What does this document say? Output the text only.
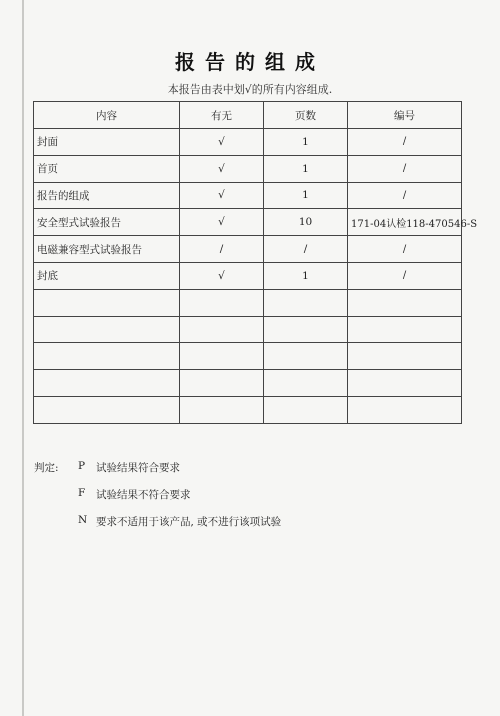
报告的组成
本报告由表中划√的所有内容组成.
内容	有无	页数	编号
封面	√	1	/
首页	√	1	/
报告的组成	√	1	/
安全型式试验报告	√	10	171-04认检118-470546-S
电磁兼容型式试验报告	/	/	/
封底	√	1	/

判定: P 试验结果符合要求
F 试验结果不符合要求
N 要求不适用于该产品, 或不进行该项试验
